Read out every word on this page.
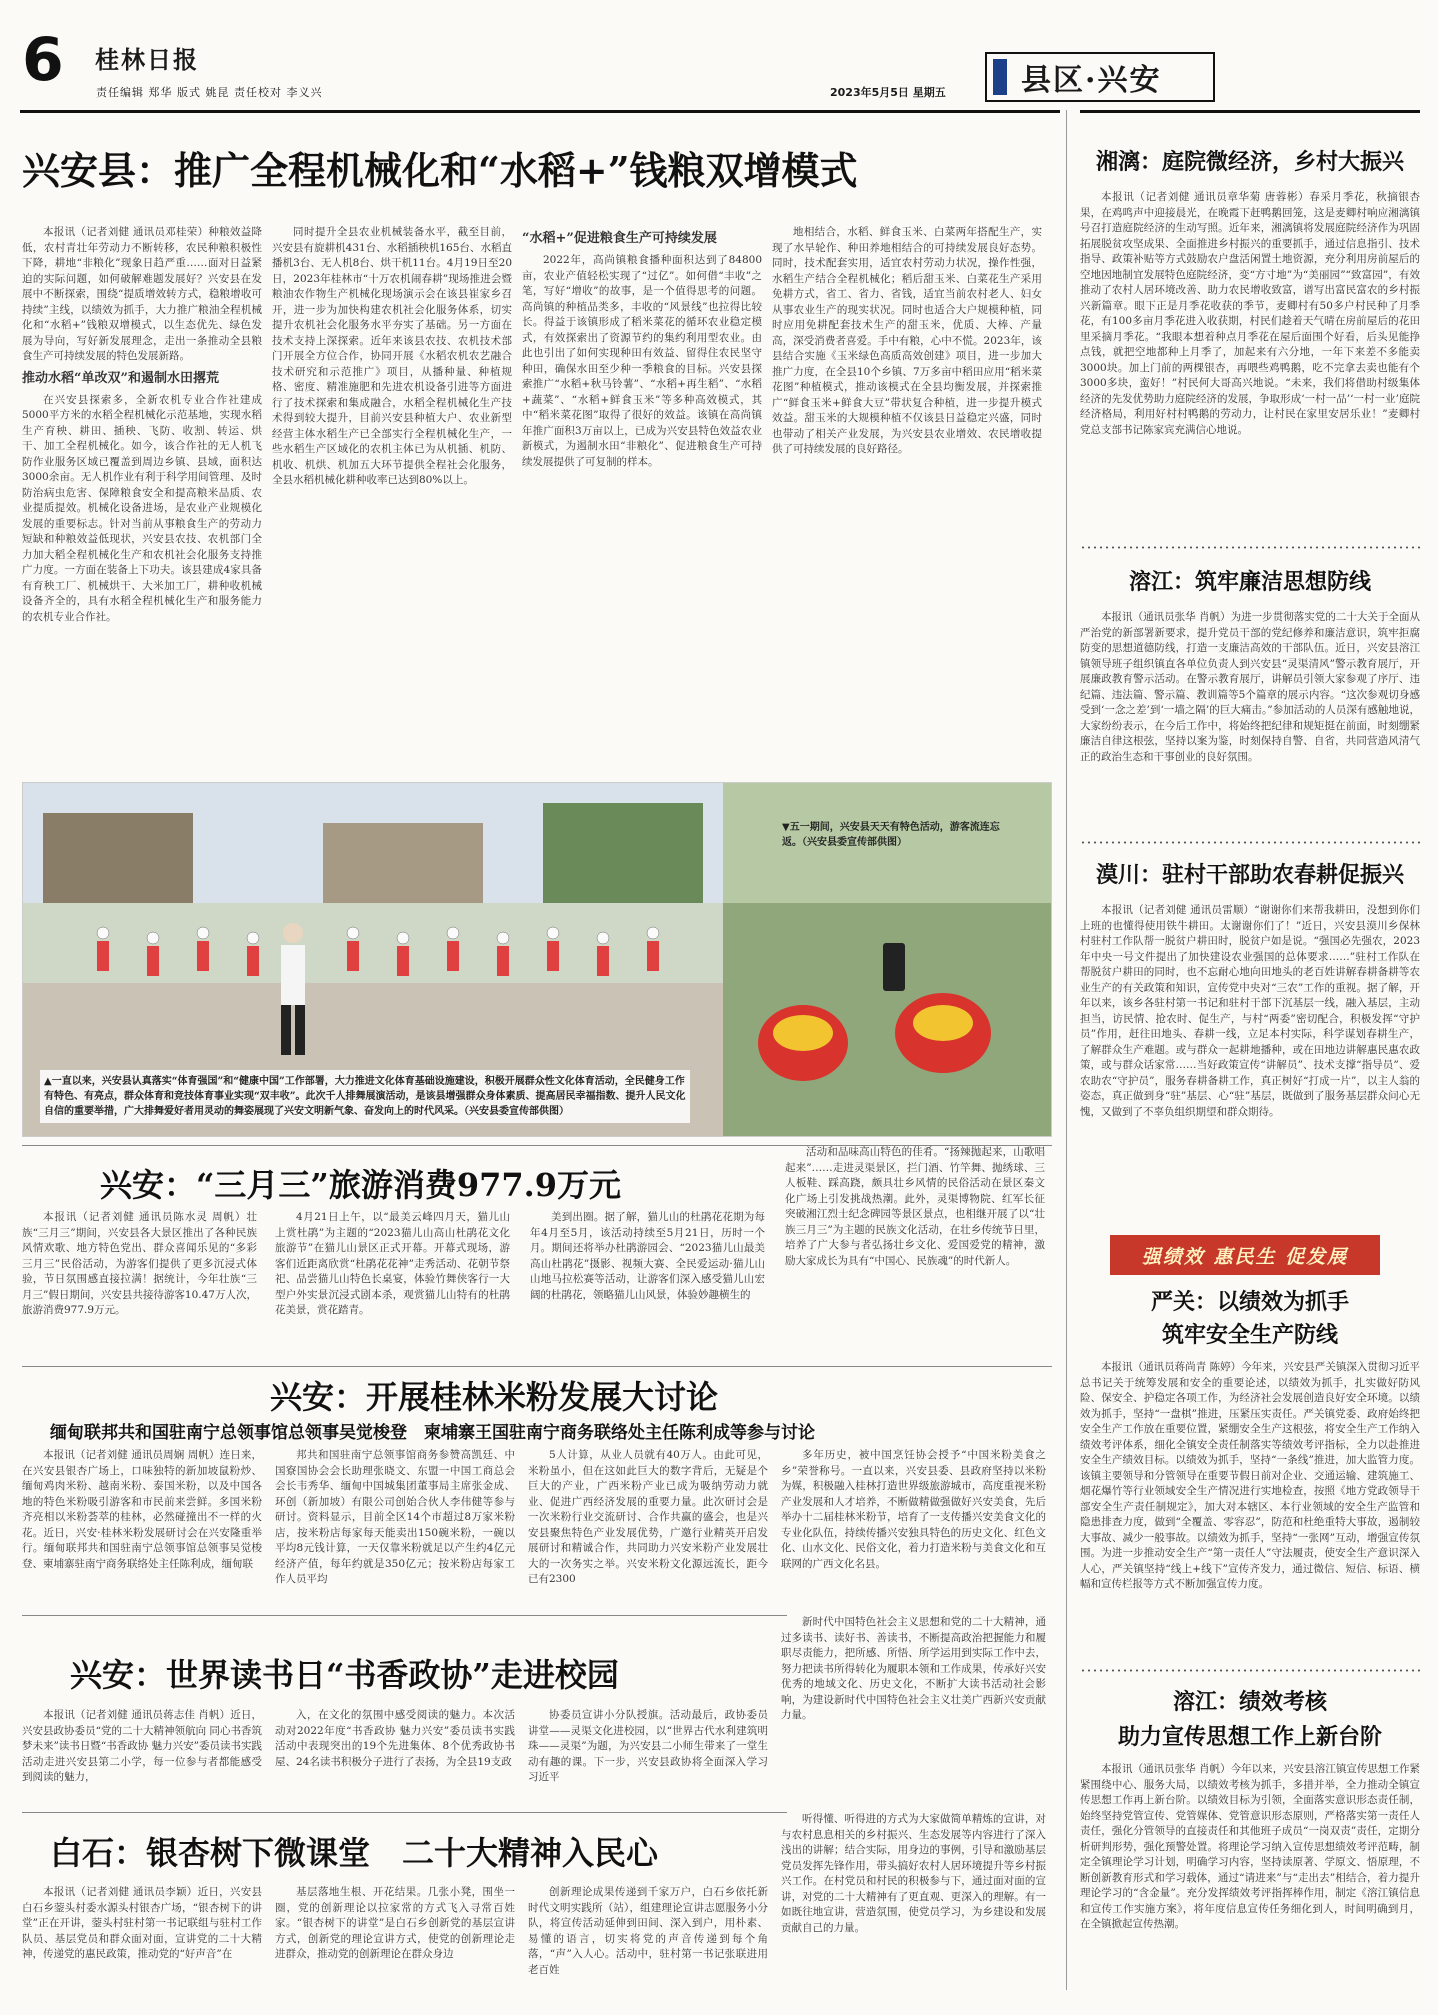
6 桂林日报
责任编辑 郑华 版式 姚昆 责任校对 李义兴	2023年5月5日 星期五	县区·兴安
兴安县：推广全程机械化和“水稻+”钱粮双增模式

本报讯（记者刘健 通讯员邓桂荣）种粮效益降低，农村青壮年劳动力不断转移，农民种粮积极性下降，耕地“非粮化”现象日趋严重……面对日益紧迫的实际问题，如何破解难题发展好？兴安县在发展中不断探索，围绕“提质增效转方式，稳粮增收可持续”主线，以绩效为抓手，大力推广粮油全程机械化和“水稻+”钱粮双增模式，以生态优先、绿色发展为导向，写好新发展理念，走出一条推动全县粮食生产可持续发展的特色发展新路。

推动水稻“单改双”和遏制水田撂荒

在兴安县探索多，全新农机专业合作社建成5000平方米的水稻全程机械化示范基地，实现水稻生产育秧、耕田、插秧、飞防、收割、转运、烘干、加工全程机械化。如今，该合作社的无人机飞防作业服务区域已覆盖到周边乡镇、县域，面积达3000余亩。无人机作业有利于科学用间管理、及时防治病虫危害、保障粮食安全和提高粮米品质、农业提质提效。机械化设备进场，是农业产业规模化发展的重要标志。针对当前从事粮食生产的劳动力短缺和种粮效益低现状，兴安县农技、农机部门全力加大稻全程机械化生产和农机社会化服务支持推广力度。一方面在装备上下功夫。该县建成4家具备有育秧工厂、机械烘干、大米加工厂，耕种收机械设备齐全的，具有水稻全程机械化生产和服务能力的农机专业合作社。

同时提升全县农业机械装备水平，截至目前，兴安县有旋耕机431台、水稻插秧机165台、水稻直播机3台、无人机8台、烘干机11台。4月19日至20日，2023年桂林市“十万农机闹春耕”现场推进会暨粮油农作物生产机械化现场演示会在该县崔家乡召开，进一步为加快构建农机社会化服务体系，切实提升农机社会化服务水平夯实了基础。另一方面在技术支持上深探索。近年来该县农技、农机技术部门开展全方位合作，协同开展《水稻农机农艺融合技术研究和示范推广》项目，从播种量、种植规格、密度、精准施肥和先进农机设备引进等方面进行了技术探索和集成融合，水稻全程机械化生产技术得到较大提升，目前兴安县种植大户、农业新型经营主体水稻生产已全部实行全程机械化生产，一些水稻生产区域化的农机主体已为从机插、机防、机收、机烘、机加五大环节提供全程社会化服务，全县水稻机械化耕种收率已达到80%以上。

“水稻+”促进粮食生产可持续发展

2022年，高尚镇粮食播种面积达到了84800亩，农业产值轻松实现了“过亿”。如何借“丰收”之笔，写好“增收”的故事，是一个值得思考的问题。高尚镇的种植品类多，丰收的“风景线”也拉得比较长。得益于该镇形成了稻米菜花的循环农业稳定模式，有效探索出了资源节约的集约利用型农业。由此也引出了如何实现种田有效益、留得住农民坚守种田，确保水田至少种一季粮食的目标。兴安县探索推广“水稻+秋马铃薯”、“水稻+再生稻”、“水稻+蔬菜”、“水稻+鲜食玉米”等多种高效模式，其中“稻米菜花图”取得了很好的效益。该镇在高尚镇年推广面积3万亩以上，已成为兴安县特色效益农业新模式，为遏制水田“非粮化”、促进粮食生产可持续发展提供了可复制的样本。

地相结合，水稻、鲜食玉米、白菜两年搭配生产，实现了水旱轮作、种田养地相结合的可持续发展良好态势。同时，技术配套实用，适宜农村劳动力状况，操作性强，水稻生产结合全程机械化；稻后甜玉米、白菜花生产采用免耕方式，省工、省力、省钱，适宜当前农村老人、妇女从事农业生产的现实状况。同时也适合大户规模种植，同时应用免耕配套技术生产的甜玉米，优质、大棒、产量高，深受消费者喜爱。手中有粮，心中不慌。2023年，该县结合实施《玉米绿色高质高效创建》项目，进一步加大推广力度，在全县10个乡镇、7万多亩中稻田应用“稻米菜花图”种植模式，推动该模式在全县均衡发展，并探索推广“鲜食玉米+鲜食大豆”带状复合种植，进一步提升模式效益。甜玉米的大规模种植不仅该县日益稳定兴盛，同时也带动了相关产业发展，为兴安县农业增效、农民增收提供了可持续发展的良好路径。

▼五一期间，兴安县天天有特色活动，游客流连忘返。（兴安县委宣传部供图）
▲一直以来，兴安县认真落实“体育强国”和“健康中国”工作部署，大力推进文化体育基础设施建设，积极开展群众性文化体育活动，全民健身工作有特色、有亮点，群众体育和竞技体育事业实现“双丰收”。此次千人排舞展演活动，是该县增强群众身体素质、提高居民幸福指数、提升人民文化自信的重要举措，广大排舞爱好者用灵动的舞姿展现了兴安文明新气象、奋发向上的时代风采。（兴安县委宣传部供图）
兴安：“三月三”旅游消费977.9万元

本报讯（记者刘健 通讯员陈水灵 周帆）壮族“三月三”期间，兴安县各大景区推出了各种民族风情欢歌、地方特色党出、群众喜闻乐见的“多彩三月三”民俗活动，为游客们提供了更多沉浸式体验，节日氛围感直接拉满！据统计，今年壮族“三月三”假日期间，兴安县共接待游客10.47万人次，旅游消费977.9万元。

4月21日上午，以“最美云峰四月天，猫儿山上赏杜鹃”为主题的“2023猫儿山高山杜鹃花文化旅游节”在猫儿山景区正式开幕。开幕式现场，游客们近距离欣赏“杜鹃花花神”走秀活动、花朝节祭祀、品尝猫儿山特色长桌宴，体验竹舞侠客行一大型户外实景沉浸式剧本杀，观赏猫儿山特有的杜鹃花美景，赏花踏青。

美到出圈。据了解，猫儿山的杜鹃花花期为每年4月至5月，该活动持续至5月21日，历时一个月。期间还将举办杜鹃游园会、“2023猫儿山最美高山杜鹃花”摄影、视频大赛、全民爱运动·猫儿山山地马拉松赛等活动，让游客们深入感受猫儿山宏阔的杜鹃花，领略猫儿山风景，体验妙趣横生的

活动和品味高山特色的佳肴。“扬辣抛起来，山歌唱起来”……走进灵渠景区，拦门酒、竹竿舞、抛绣球、三人板鞋、踩高跷，颇具壮乡风情的民俗活动在景区秦文化广场上引发挑战热潮。此外，灵渠博物院、红军长征突破湘江烈士纪念碑园等景区景点，也相继开展了以“壮族三月三”为主题的民族文化活动，在壮乡传统节日里，培养了广大参与者弘扬壮乡文化、爱国爱党的精神，激励大家成长为具有“中国心、民族魂”的时代新人。

兴安：开展桂林米粉发展大讨论
缅甸联邦共和国驻南宁总领事馆总领事吴觉梭登　柬埔寨王国驻南宁商务联络处主任陈利成等参与讨论

本报讯（记者刘健 通讯员周娴 周帆）连日来，在兴安县银杏广场上，口味独特的新加坡鼠粉炒、缅甸鸡肉米粉、越南米粉、泰国米粉，以及中国各地的特色米粉吸引游客和市民前来尝鲜。多国米粉齐亮相以米粉荟萃的桂林，必然碰撞出不一样的火花。近日，兴安·桂林米粉发展研讨会在兴安隆重举行。缅甸联邦共和国驻南宁总领事馆总领事吴觉梭登、柬埔寨驻南宁商务联络处主任陈利成，缅甸联

邦共和国驻南宁总领事馆商务参赞高凯廷、中国寮国协会会长助理张晓文、东盟一中国工商总会会长韦秀华、缅甸中国城集团董事局主席张金成、环创（新加坡）有限公司创始合伙人李伟健等参与研讨。资料显示，目前全区14个市超过8万家米粉店，按米粉店每家每天能卖出150碗米粉，一碗以平均8元钱计算，一天仅靠米粉就足以产生约4亿元经济产值，每年约就是350亿元；按米粉店每家工作人员平均

5人计算，从业人员就有40万人。由此可见，米粉虽小，但在这如此巨大的数字背后，无疑是个巨大的产业，广西米粉产业已成为吸纳劳动力就业、促进广西经济发展的重要力量。此次研讨会是一次米粉行业交流研讨、合作共赢的盛会，也是兴安县聚焦特色产业发展优势，广邀行业精英开启发展研讨和精诚合作，共同助力兴安米粉产业发展壮大的一次务实之举。兴安米粉文化源远流长，距今已有2300

多年历史，被中国烹饪协会授予“中国米粉美食之乡”荣誉称号。一直以来，兴安县委、县政府坚持以米粉为媒，积极融入桂林打造世界级旅游城市，高度重视米粉产业发展和人才培养，不断做精做强做好兴安美食，先后举办十二届桂林米粉节，培育了一支传播兴安美食文化的专业化队伍，持续传播兴安独具特色的历史文化、红色文化、山水文化、民俗文化，着力打造米粉与美食文化和互联网的广西文化名县。

兴安：世界读书日“书香政协”走进校园

本报讯（记者刘健 通讯员蒋志佳 肖帆）近日，兴安县政协委员“党的二十大精神领航向 同心书香筑梦未来”读书日暨“书香政协 魅力兴安”委员读书实践活动走进兴安县第二小学，每一位参与者都能感受到阅读的魅力，

入，在文化的氛围中感受阅读的魅力。本次活动对2022年度“书香政协 魅力兴安”委员读书实践活动中表现突出的19个先进集体、8个优秀政协书屋、24名读书积极分子进行了表扬，为全县19支政

协委员宣讲小分队授旗。活动最后，政协委员讲堂——灵渠文化进校园，以“世界古代水利建筑明珠——灵渠”为题，为兴安县二小师生带来了一堂生动有趣的课。下一步，兴安县政协将全面深入学习习近平

新时代中国特色社会主义思想和党的二十大精神，通过多读书、读好书、善读书，不断提高政治把握能力和履职尽责能力，把所感、所悟、所学运用到实际工作中去，努力把读书所得转化为履职本领和工作成果，传承好兴安优秀的地域文化、历史文化，不断扩大读书活动社会影响，为建设新时代中国特色社会主义壮美广西新兴安贡献力量。

白石：银杏树下微课堂　二十大精神入民心

本报讯（记者刘健 通讯员李颖）近日，兴安县白石乡蓥头村委水源头村银杏广场，“银杏树下的讲堂”正在开讲，蓥头村驻村第一书记联组与驻村工作队员、基层党员和群众面对面，宣讲党的二十大精神，传递党的惠民政策，推动党的“好声音”在

基层落地生根、开花结果。几张小凳，围坐一圈，党的创新理论以拉家常的方式飞入寻常百姓家。“银杏树下的讲堂”是白石乡创新党的基层宣讲方式，创新党的理论宣讲方式，使党的创新理论走进群众，推动党的创新理论在群众身边

创新理论成果传递到千家万户，白石乡依托新时代文明实践所（站），组建理论宣讲志愿服务小分队，将宣传活动延伸到田间、深入到户，用朴素、易懂的语言，切实将党的声音传递到每个角落，“声”入人心。活动中，驻村第一书记张联进用老百姓

听得懂、听得进的方式为大家做简单精炼的宣讲，对与农村息息相关的乡村振兴、生态发展等内容进行了深入浅出的讲解；结合实际，用身边的事例，引导和激励基层党员发挥先锋作用，带头搞好农村人居环境提升等乡村振兴工作。在村党员和村民的积极参与下，通过面对面的宣讲，对党的二十大精神有了更直观、更深入的理解。有一如既往地宣讲，营造氛围，使党员学习，为乡建设和发展贡献自己的力量。

湘漓：庭院微经济，乡村大振兴

本报讯（记者刘健 通讯员章华菊 唐蓉彬）春采月季花，秋摘银杏果，在鸡鸣声中迎接晨光，在晚霞下赶鸭鹅回笼，这是麦卿村响应湘漓镇号召打造庭院经济的生动写照。近年来，湘漓镇将发展庭院经济作为巩固拓展脱贫攻坚成果、全面推进乡村振兴的重要抓手，通过信息指引、技术指导、政策补贴等方式鼓励农户盘活闲置土地资源，充分利用房前屋后的空地因地制宜发展特色庭院经济，变“方寸地”为“美丽园”“致富园”，有效推动了农村人居环境改善、助力农民增收致富，谱写出富民富农的乡村振兴新篇章。眼下正是月季花收获的季节，麦卿村有50多户村民种了月季花，有100多亩月季花进入收获期，村民们趁着天气晴在房前屋后的花田里采摘月季花。“我眼本想着种点月季花在屋后面围个好看，后头见能挣点钱，就把空地都种上月季了，加起来有六分地，一年下来差不多能卖3000块。加上门前的两棵银杏，再喂些鸡鸭鹅，吃不完拿去卖也能有个3000多块，蛮好！”村民何大哥高兴地说。“未来，我们将借助村级集体经济的先发优势助力庭院经济的发展，争取形成‘一村一品’‘一村一业’庭院经济格局，利用好村村鸭鹅的劳动力，让村民在家里安居乐业！”麦卿村党总支部书记陈家宾充满信心地说。

溶江：筑牢廉洁思想防线

本报讯（通讯员张华 肖帆）为进一步贯彻落实党的二十大关于全面从严治党的新部署新要求，提升党员干部的党纪修养和廉洁意识，筑牢拒腐防变的思想道德防线，打造一支廉洁高效的干部队伍。近日，兴安县溶江镇领导班子组织镇直各单位负责人到兴安县“灵渠清风”警示教育展厅，开展廉政教育警示活动。在警示教育展厅，讲解员引领大家参观了序厅、违纪篇、违法篇、警示篇、教训篇等5个篇章的展示内容。“这次参观切身感受到‘一念之差’到‘一墙之隔’的巨大痛击。”参加活动的人员深有感触地说，大家纷纷表示，在今后工作中，将始终把纪律和规矩挺在前面，时刻绷紧廉洁自律这根弦，坚持以案为鉴，时刻保持自警、自省，共同营造风清气正的政治生态和干事创业的良好氛围。

漠川：驻村干部助农春耕促振兴

本报讯（记者刘健 通讯员雷顺）“谢谢你们来帮我耕田，没想到你们上班的也懂得使用铁牛耕田。太谢谢你们了！”近日，兴安县漠川乡保林村驻村工作队帮一脱贫户耕田时，脱贫户如是说。“强国必先强农，2023年中央一号文件提出了加快建设农业强国的总体要求……”驻村工作队在帮脱贫户耕田的同时，也不忘耐心地向田地头的老百姓讲解春耕备耕等农业生产的有关政策和知识，宣传党中央对“三农”工作的重视。据了解，开年以来，该乡各驻村第一书记和驻村干部下沉基层一线，融入基层，主动担当，访民情、抢农时、促生产，与村“两委”密切配合，积极发挥“守护员”作用，赶往田地头、春耕一线，立足本村实际，科学谋划春耕生产，了解群众生产难题。或与群众一起耕地播种，或在田地边讲解惠民惠农政策，或与群众话家常……当好政策宣传“讲解员”、技术支撑“指导员”、爱农助农“守护员”，服务春耕备耕工作，真正树好“打成一片”，以主人翁的姿态，真正做到身“驻”基层、心“驻”基层，既做到了服务基层群众问心无愧，又做到了不辜负组织期望和群众期待。

强绩效 惠民生 促发展
严关：以绩效为抓手
筑牢安全生产防线

本报讯（通讯员蒋尚青 陈婷）今年来，兴安县严关镇深入贯彻习近平总书记关于统筹发展和安全的重要论述，以绩效为抓手，扎实做好防风险、保安全、护稳定各项工作，为经济社会发展创造良好安全环境。以绩效为抓手，坚持“一盘棋”推进，压紧压实责任。严关镇党委、政府始终把安全生产工作放在重要位置，紧绷安全生产这根弦，将安全生产工作纳入绩效考评体系，细化全镇安全责任制落实等绩效考评指标，全力以赴推进安全生产绩效目标。以绩效为抓手，坚持“一条线”推进，加大监管力度。该镇主要领导和分管领导在重要节假日前对企业、交通运输、建筑施工、烟花爆竹等行业领域安全生产情况进行实地检查，按照《地方党政领导干部安全生产责任制规定》，加大对本辖区、本行业领域的安全生产监管和隐患排查力度，做到“全覆盖、零容忍”，防范和杜绝重特大事故，遏制较大事故、减少一般事故。以绩效为抓手，坚持“一张网”互动，增强宣传氛围。为进一步推动安全生产“第一责任人”守法履责，使安全生产意识深入人心，严关镇坚持“线上+线下”宣传齐发力，通过微信、短信、标语、横幅和宣传栏报等方式不断加强宣传力度。

溶江：绩效考核
助力宣传思想工作上新台阶

本报讯（通讯员张华 肖帆）今年以来，兴安县溶江镇宣传思想工作紧紧围绕中心、服务大局，以绩效考核为抓手，多措并举，全力推动全镇宣传思想工作再上新台阶。以绩效目标为引领，全面落实意识形态责任制，始终坚持党管宣传、党管媒体、党管意识形态原则，严格落实第一责任人责任，强化分管领导的直接责任和其他班子成员“一岗双责”责任，定期分析研判形势，强化预警处置。将理论学习纳入宣传思想绩效考评范畴，制定全镇理论学习计划，明确学习内容，坚持读原著、学原文、悟原理，不断创新教育形式和学习载体，通过“请进来”与“走出去”相结合，着力提升理论学习的“含金量”。充分发挥绩效考评指挥棒作用，制定《溶江镇信息和宣传工作实施方案》，将年度信息宣传任务细化到人，时间明确到月，在全镇掀起宣传热潮。
